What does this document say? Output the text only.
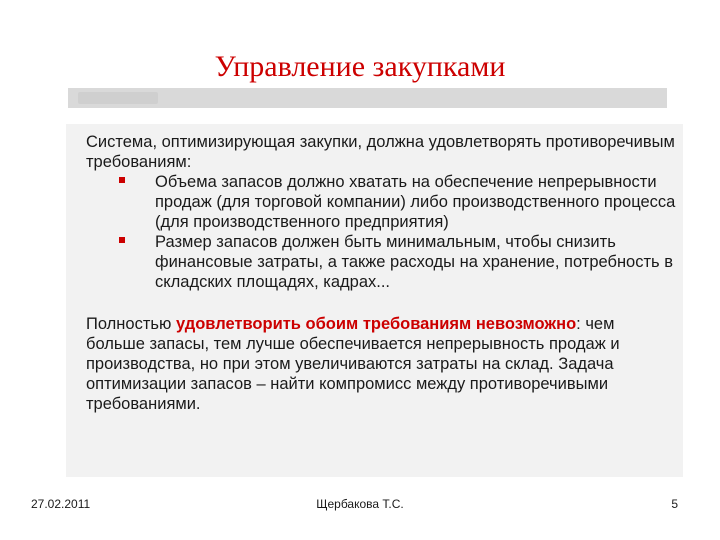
Управление закупками

Система, оптимизирующая закупки, должна удовлетворять противоречивым требованиям:

Объема запасов должно хватать на обеспечение непрерывности продаж (для торговой компании) либо производственного процесса (для производственного предприятия)
Размер запасов должен быть минимальным, чтобы снизить финансовые затраты, а также расходы на хранение, потребность в складских площадях, кадрах...

Полностью удовлетворить обоим требованиям невозможно: чем больше запасы, тем лучше обеспечивается непрерывность продаж и производства, но при этом увеличиваются затраты на склад. Задача оптимизации запасов – найти компромисс между противоречивыми требованиями.

27.02.2011	Щербакова Т.С.	5
